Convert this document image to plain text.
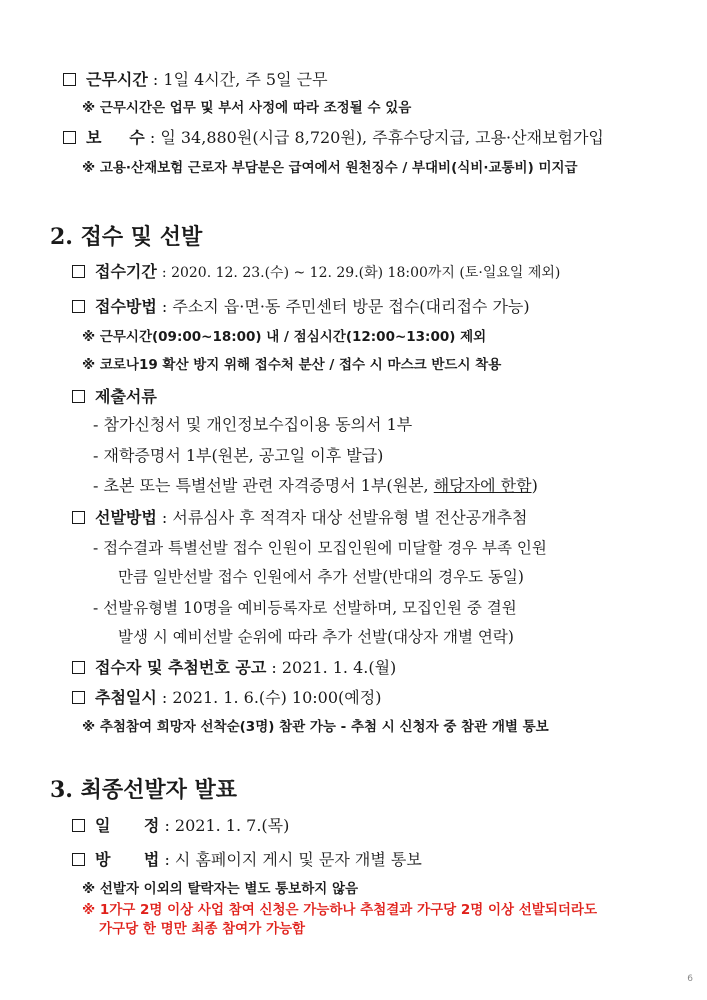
근무시간 : 1일 4시간, 주 5일 근무
※ 근무시간은 업무 및 부서 사정에 따라 조정될 수 있음
보     수 : 일 34,880원(시급 8,720원), 주휴수당지급, 고용·산재보험가입
※ 고용·산재보험 근로자 부담분은 급여에서 원천징수 / 부대비(식비·교통비) 미지급
2. 접수 및 선발
접수기간 : 2020. 12. 23.(수) ~ 12. 29.(화) 18:00까지 (토·일요일 제외)
접수방법 : 주소지 읍·면·동 주민센터 방문 접수(대리접수 가능)
※ 근무시간(09:00~18:00) 내 / 점심시간(12:00~13:00) 제외
※ 코로나19 확산 방지 위해 접수처 분산 / 접수 시 마스크 반드시 착용
제출서류
- 참가신청서 및 개인정보수집이용 동의서 1부
- 재학증명서 1부(원본, 공고일 이후 발급)
- 초본 또는 특별선발 관련 자격증명서 1부(원본, 해당자에 한함)
선발방법 : 서류심사 후 적격자 대상 선발유형 별 전산공개추첨
- 접수결과 특별선발 접수 인원이 모집인원에 미달할 경우 부족 인원
만큼 일반선발 접수 인원에서 추가 선발(반대의 경우도 동일)
- 선발유형별 10명을 예비등록자로 선발하며, 모집인원 중 결원
발생 시 예비선발 순위에 따라 추가 선발(대상자 개별 연락)
접수자 및 추첨번호 공고 : 2021. 1. 4.(월)
추첨일시 : 2021. 1. 6.(수) 10:00(예정)
※ 추첨참여 희망자 선착순(3명) 참관 가능 - 추첨 시 신청자 중 참관 개별 통보
3. 최종선발자 발표
일      정 : 2021. 1. 7.(목)
방      법 : 시 홈페이지 게시 및 문자 개별 통보
※ 선발자 이외의 탈락자는 별도 통보하지 않음
※ 1가구 2명 이상 사업 참여 신청은 가능하나 추첨결과 가구당 2명 이상 선발되더라도
가구당 한 명만 최종 참여가 가능함
6
